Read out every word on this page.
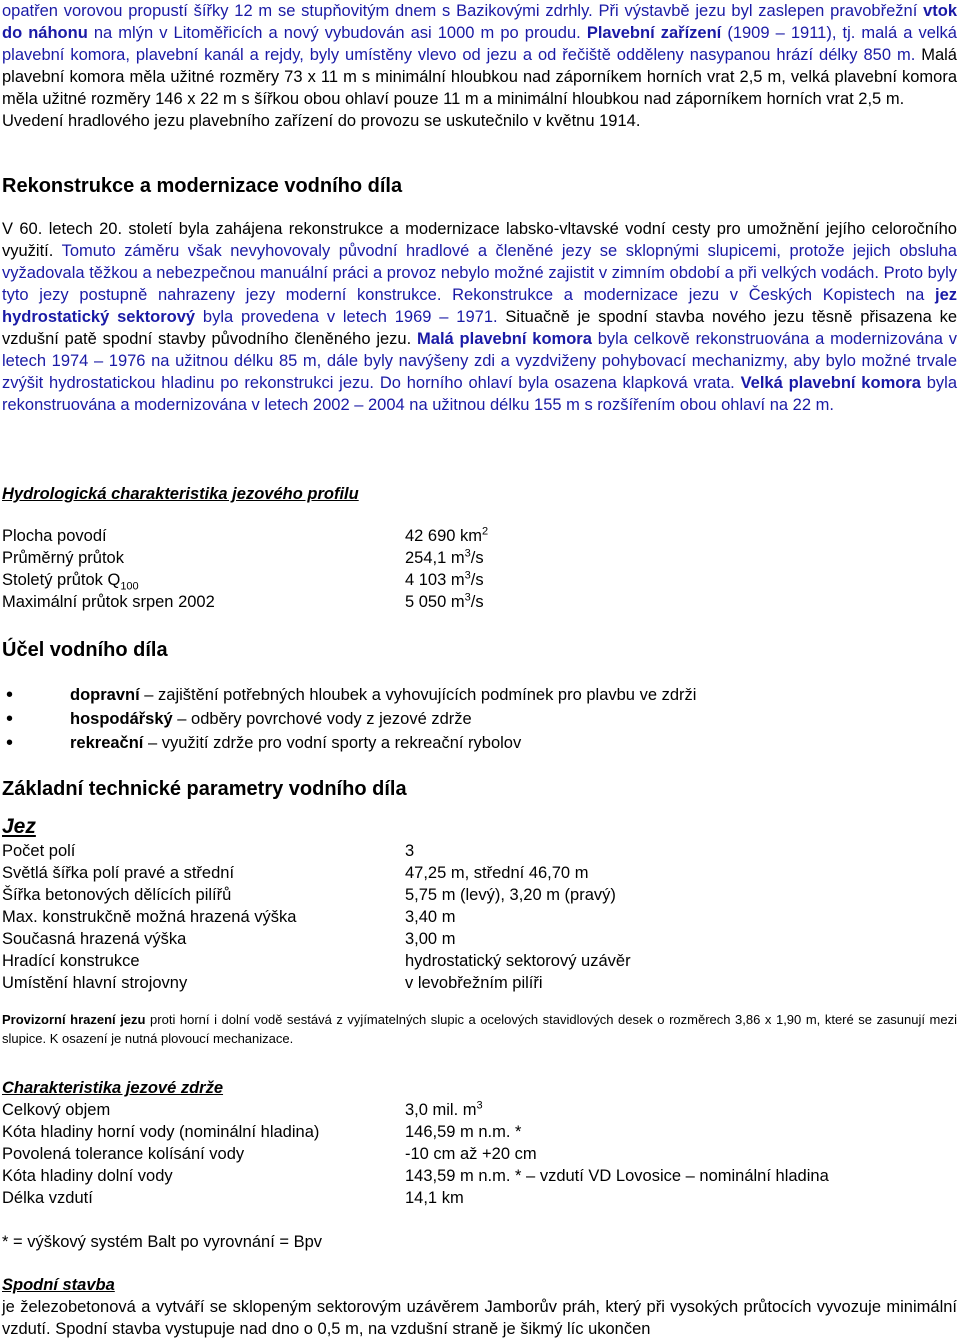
opatřen vorovou propustí šířky 12 m se stupňovitým dnem s Bazikovými zdrhly. Při výstavbě jezu byl zaslepen pravobřežní vtok do náhonu na mlýn v Litoměřicích a nový vybudován asi 1000 m po proudu. Plavební zařízení (1909 – 1911), tj. malá a velká plavební komora, plavební kanál a rejdy, byly umístěny vlevo od jezu a od řečiště odděleny nasypanou hrází délky 850 m. Malá plavební komora měla užitné rozměry 73 x 11 m s minimální hloubkou nad záporníkem horních vrat 2,5 m, velká plavební komora měla užitné rozměry 146 x 22 m s šířkou obou ohlaví pouze 11 m a minimální hloubkou nad záporníkem horních vrat 2,5 m.

Uvedení hradlového jezu plavebního zařízení do provozu se uskutečnilo v květnu 1914.

Rekonstrukce a modernizace vodního díla

V 60. letech 20. století byla zahájena rekonstrukce a modernizace labsko-vltavské vodní cesty pro umožnění jejího celoročního využití. Tomuto záměru však nevyhovovaly původní hradlové a členěné jezy se sklopnými slupicemi, protože jejich obsluha vyžadovala těžkou a nebezpečnou manuální práci a provoz nebylo možné zajistit v zimním období a při velkých vodách. Proto byly tyto jezy postupně nahrazeny jezy moderní konstrukce. Rekonstrukce a modernizace jezu v Českých Kopistech na jez hydrostatický sektorový byla provedena v letech 1969 – 1971. Situačně je spodní stavba nového jezu těsně přisazena ke vzdušní patě spodní stavby původního členěného jezu. Malá plavební komora byla celkově rekonstruována a modernizována v letech 1974 – 1976 na užitnou délku 85 m, dále byly navýšeny zdi a vyzdviženy pohybovací mechanizmy, aby bylo možné trvale zvýšit hydrostatickou hladinu po rekonstrukci jezu. Do horního ohlaví byla osazena klapková vrata. Velká plavební komora byla rekonstruována a modernizována v letech 2002 – 2004 na užitnou délku 155 m s rozšířením obou ohlaví na 22 m.

Hydrologická charakteristika jezového profilu

Plocha povodí	42 690 $km^2$
Průměrný průtok	254,1 $m^3/s$
Stoletý průtok $Q_{100}$	4 103 $m^3/s$
Maximální průtok srpen 2002	5 050 $m^3/s$

Účel vodního díla

• dopravní – zajištění potřebných hloubek a vyhovujících podmínek pro plavbu ve zdrži
• hospodářský – odběry povrchové vody z jezové zdrže
• rekreační – využití zdrže pro vodní sporty a rekreační rybolov

Základní technické parametry vodního díla

Jez

Počet polí	3
Světlá šířka polí pravé a střední	47,25 m, střední 46,70 m
Šířka betonových dělících pilířů	5,75 m (levý), 3,20 m (pravý)
Max. konstrukčně možná hrazená výška	3,40 m
Současná hrazená výška	3,00 m
Hradící konstrukce	hydrostatický sektorový uzávěr
Umístění hlavní strojovny	v levobřežním pilíři

Provizorní hrazení jezu proti horní i dolní vodě sestává z vyjímatelných slupic a ocelových stavidlových desek o rozměrech 3,86 x 1,90 m, které se zasunují mezi slupice. K osazení je nutná plovoucí mechanizace.

Charakteristika jezové zdrže

Celkový objem	3,0 mil. $m^3$
Kóta hladiny horní vody (nominální hladina)	146,59 m n.m. *
Povolená tolerance kolísání vody	-10 cm až +20 cm
Kóta hladiny dolní vody	143,59 m n.m. * – vzdutí VD Lovosice – nominální hladina
Délka vzdutí	14,1 km

* = výškový systém Balt po vyrovnání = Bpv

Spodní stavba

je železobetonová a vytváří se sklopeným sektorovým uzávěrem Jamborův práh, který při vysokých průtocích vyvozuje minimální vzdutí. Spodní stavba vystupuje nad dno o 0,5 m, na vzdušní straně je šikmý líc ukončen
